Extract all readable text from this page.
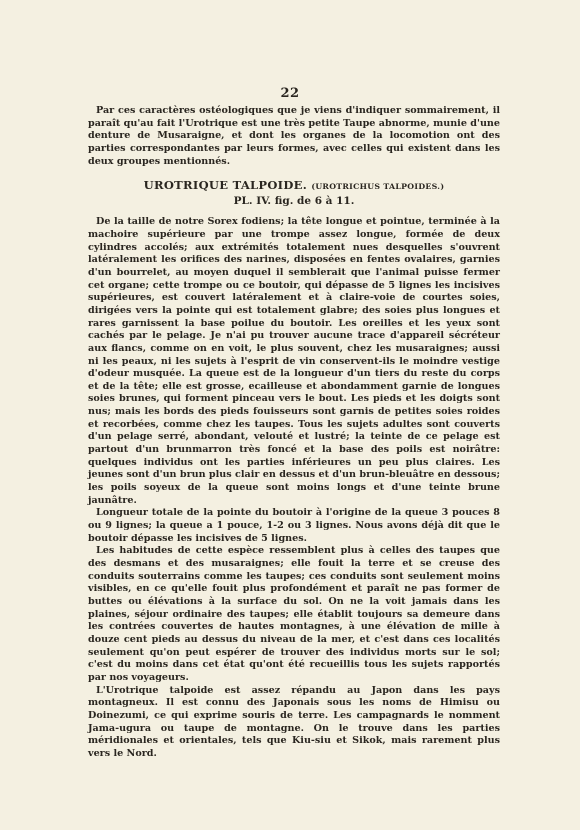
22

Par ces caractères ostéologiques que je viens d'indiquer sommairement, il paraît qu'au fait l'Urotrique est une très petite Taupe abnorme, munie d'une denture de Musaraigne, et dont les organes de la locomotion ont des parties correspondantes par leurs formes, avec celles qui existent dans les deux groupes mentionnés.

UROTRIQUE TALPOIDE. (UROTRICHUS TALPOIDES.)
PL. IV. fig. de 6 à 11.

De la taille de notre Sorex fodiens; la tête longue et pointue, terminée à la machoire supérieure par une trompe assez longue, formée de deux cylindres accolés; aux extrémités totalement nues desquelles s'ouvrent latéralement les orifices des narines, disposées en fentes ovalaires, garnies d'un bourrelet, au moyen duquel il semblerait que l'animal puisse fermer cet organe; cette trompe ou ce boutoir, qui dépasse de 5 lignes les incisives supérieures, est couvert latéralement et à claire-voie de courtes soies, dirigées vers la pointe qui est totalement glabre; des soies plus longues et rares garnissent la base poilue du boutoir. Les oreilles et les yeux sont cachés par le pelage. Je n'ai pu trouver aucune trace d'appareil sécréteur aux flancs, comme on en voit, le plus souvent, chez les musaraignes; aussi ni les peaux, ni les sujets à l'esprit de vin conservent-ils le moindre vestige d'odeur musquée. La queue est de la longueur d'un tiers du reste du corps et de la tête; elle est grosse, ecailleuse et abondamment garnie de longues soies brunes, qui forment pinceau vers le bout. Les pieds et les doigts sont nus; mais les bords des pieds fouisseurs sont garnis de petites soies roides et recorbées, comme chez les taupes. Tous les sujets adultes sont couverts d'un pelage serré, abondant, velouté et lustré; la teinte de ce pelage est partout d'un brunmarron très foncé et la base des poils est noirâtre: quelques individus ont les parties inférieures un peu plus claires. Les jeunes sont d'un brun plus clair en dessus et d'un brun-bleuâtre en dessous; les poils soyeux de la queue sont moins longs et d'une teinte brune jaunâtre.

Longueur totale de la pointe du boutoir à l'origine de la queue 3 pouces 8 ou 9 lignes; la queue a 1 pouce, 1-2 ou 3 lignes. Nous avons déjà dit que le boutoir dépasse les incisives de 5 lignes.

Les habitudes de cette espèce ressemblent plus à celles des taupes que des desmans et des musaraignes; elle fouit la terre et se creuse des conduits souterrains comme les taupes; ces conduits sont seulement moins visibles, en ce qu'elle fouit plus profondément et paraît ne pas former de buttes ou élévations à la surface du sol. On ne la voit jamais dans les plaines, séjour ordinaire des taupes; elle établit toujours sa demeure dans les contrées couvertes de hautes montagnes, à une élévation de mille à douze cent pieds au dessus du niveau de la mer, et c'est dans ces localités seulement qu'on peut espérer de trouver des individus morts sur le sol; c'est du moins dans cet état qu'ont été recueillis tous les sujets rapportés par nos voyageurs.

L'Urotrique talpoide est assez répandu au Japon dans les pays montagneux. Il est connu des Japonais sous les noms de Himisu ou Doinezumi, ce qui exprime souris de terre. Les campagnards le nomment Jama-ugura ou taupe de montagne. On le trouve dans les parties méridionales et orientales, tels que Kiu-siu et Sikok, mais rarement plus vers le Nord.
